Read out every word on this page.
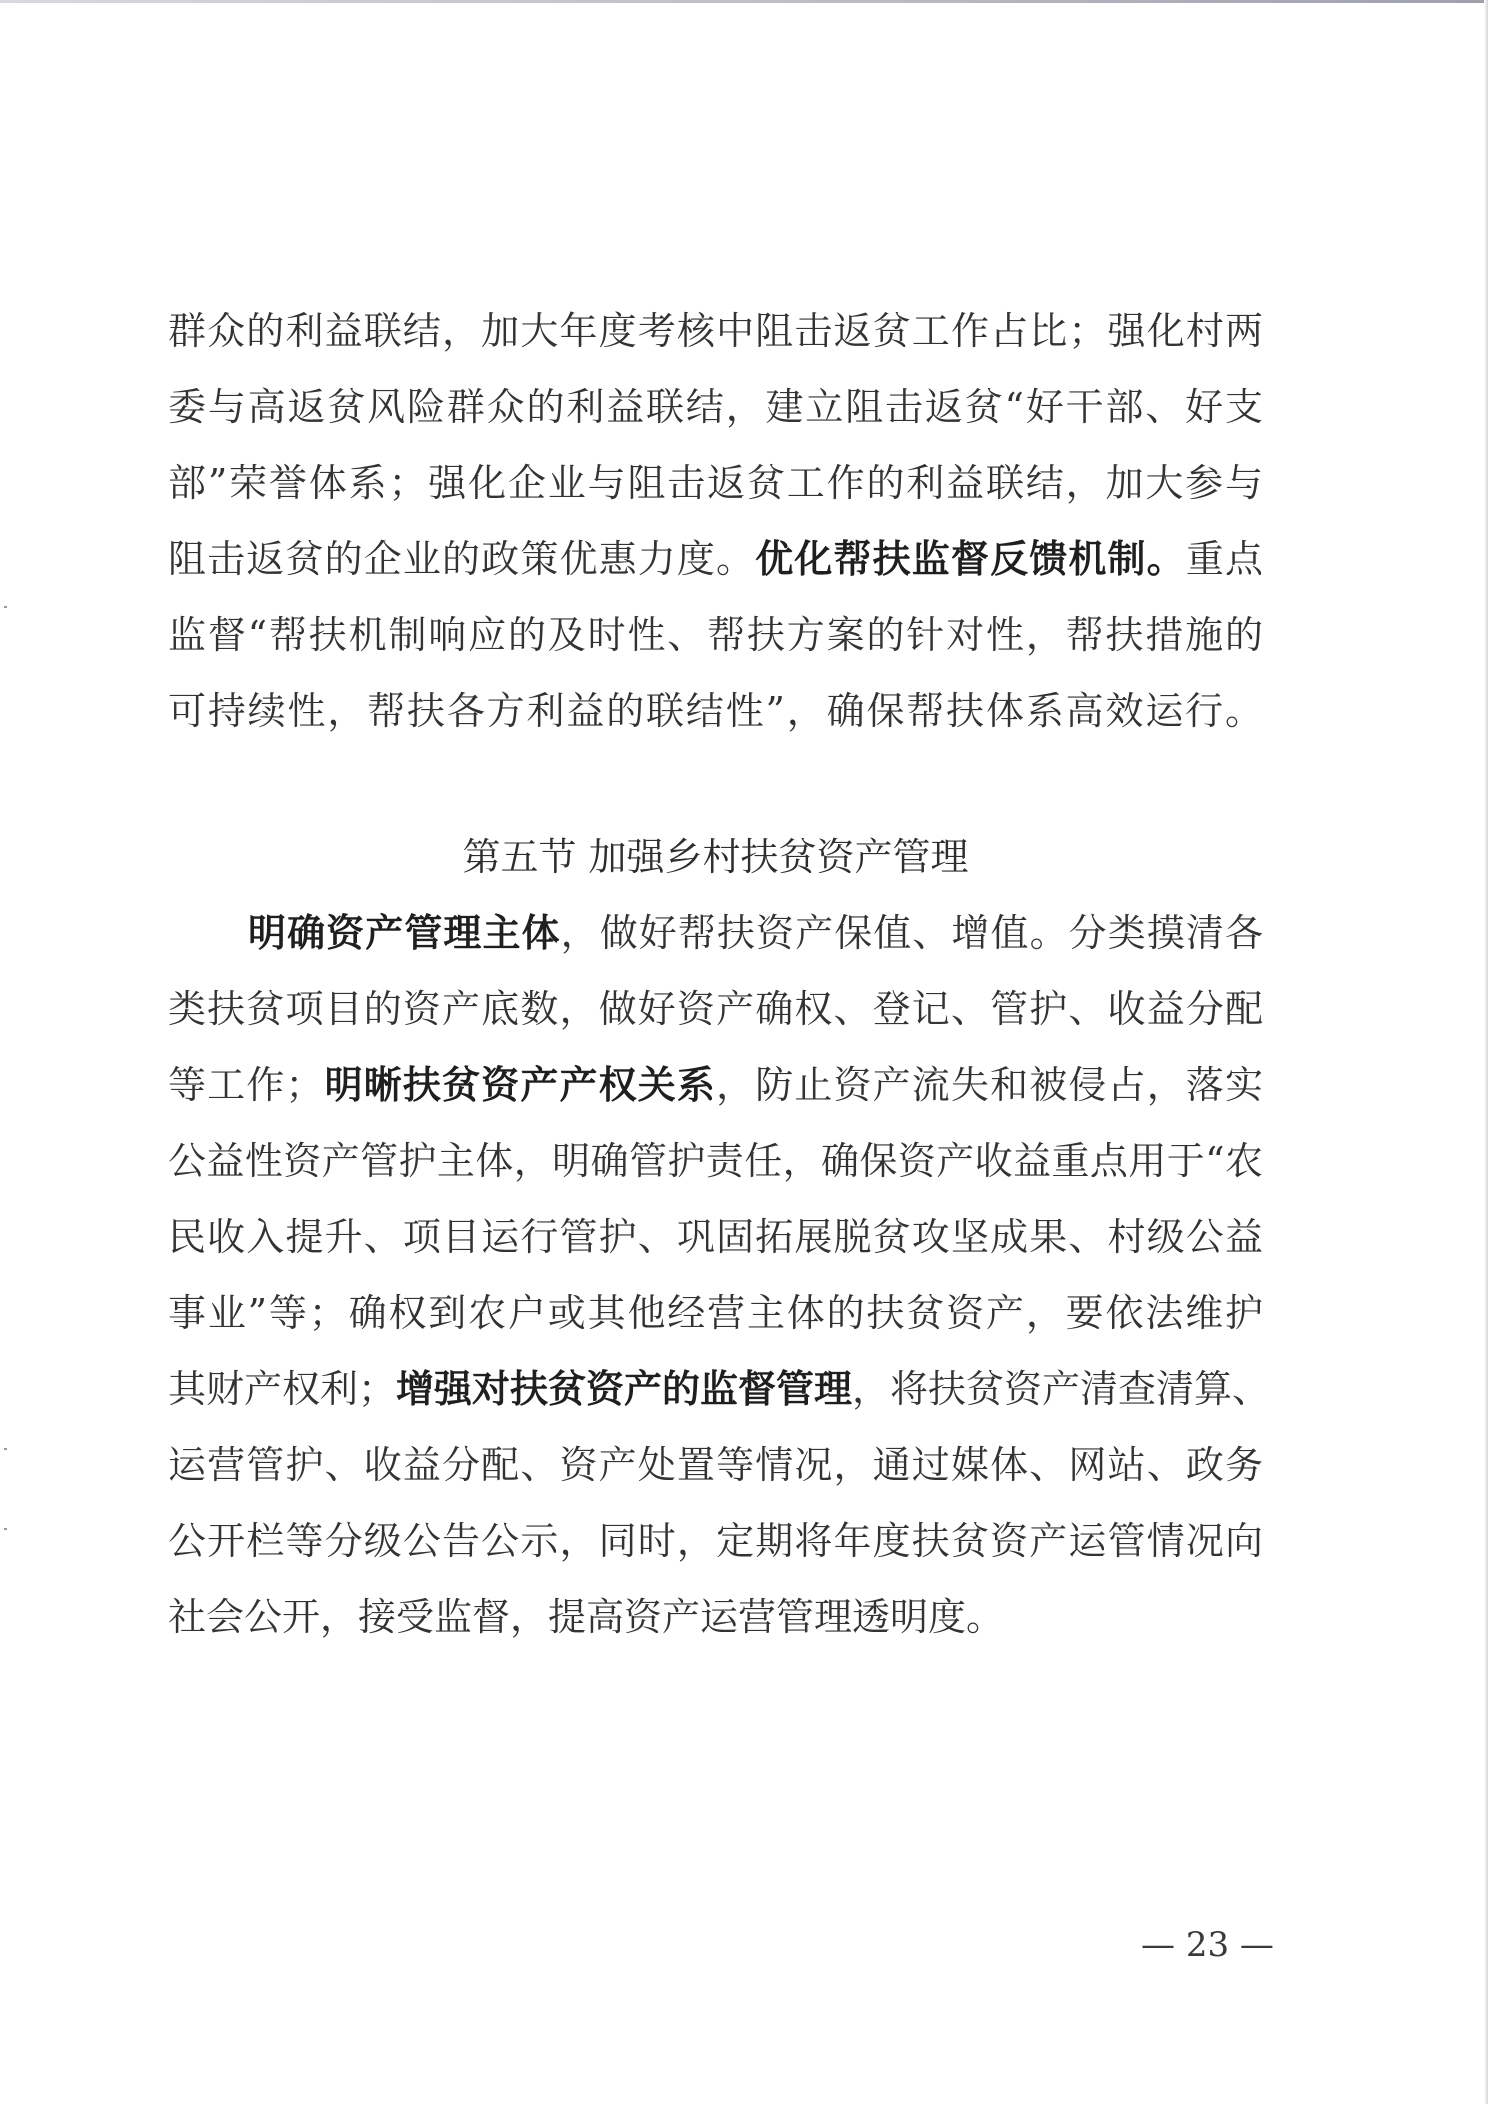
群众的利益联结，加大年度考核中阻击返贫工作占比；强化村两
委与高返贫风险群众的利益联结，建立阻击返贫“好干部、好支
部”荣誉体系；强化企业与阻击返贫工作的利益联结，加大参与
阻击返贫的企业的政策优惠力度。优化帮扶监督反馈机制。重点
监督“帮扶机制响应的及时性、帮扶方案的针对性，帮扶措施的
可持续性，帮扶各方利益的联结性”，确保帮扶体系高效运行。
第五节 加强乡村扶贫资产管理
明确资产管理主体，做好帮扶资产保值、增值。分类摸清各
类扶贫项目的资产底数，做好资产确权、登记、管护、收益分配
等工作；明晰扶贫资产产权关系，防止资产流失和被侵占，落实
公益性资产管护主体，明确管护责任，确保资产收益重点用于“农
民收入提升、项目运行管护、巩固拓展脱贫攻坚成果、村级公益
事业”等；确权到农户或其他经营主体的扶贫资产，要依法维护
其财产权利；增强对扶贫资产的监督管理，将扶贫资产清查清算、
运营管护、收益分配、资产处置等情况，通过媒体、网站、政务
公开栏等分级公告公示，同时，定期将年度扶贫资产运管情况向
社会公开，接受监督，提高资产运营管理透明度。
— 23 —
